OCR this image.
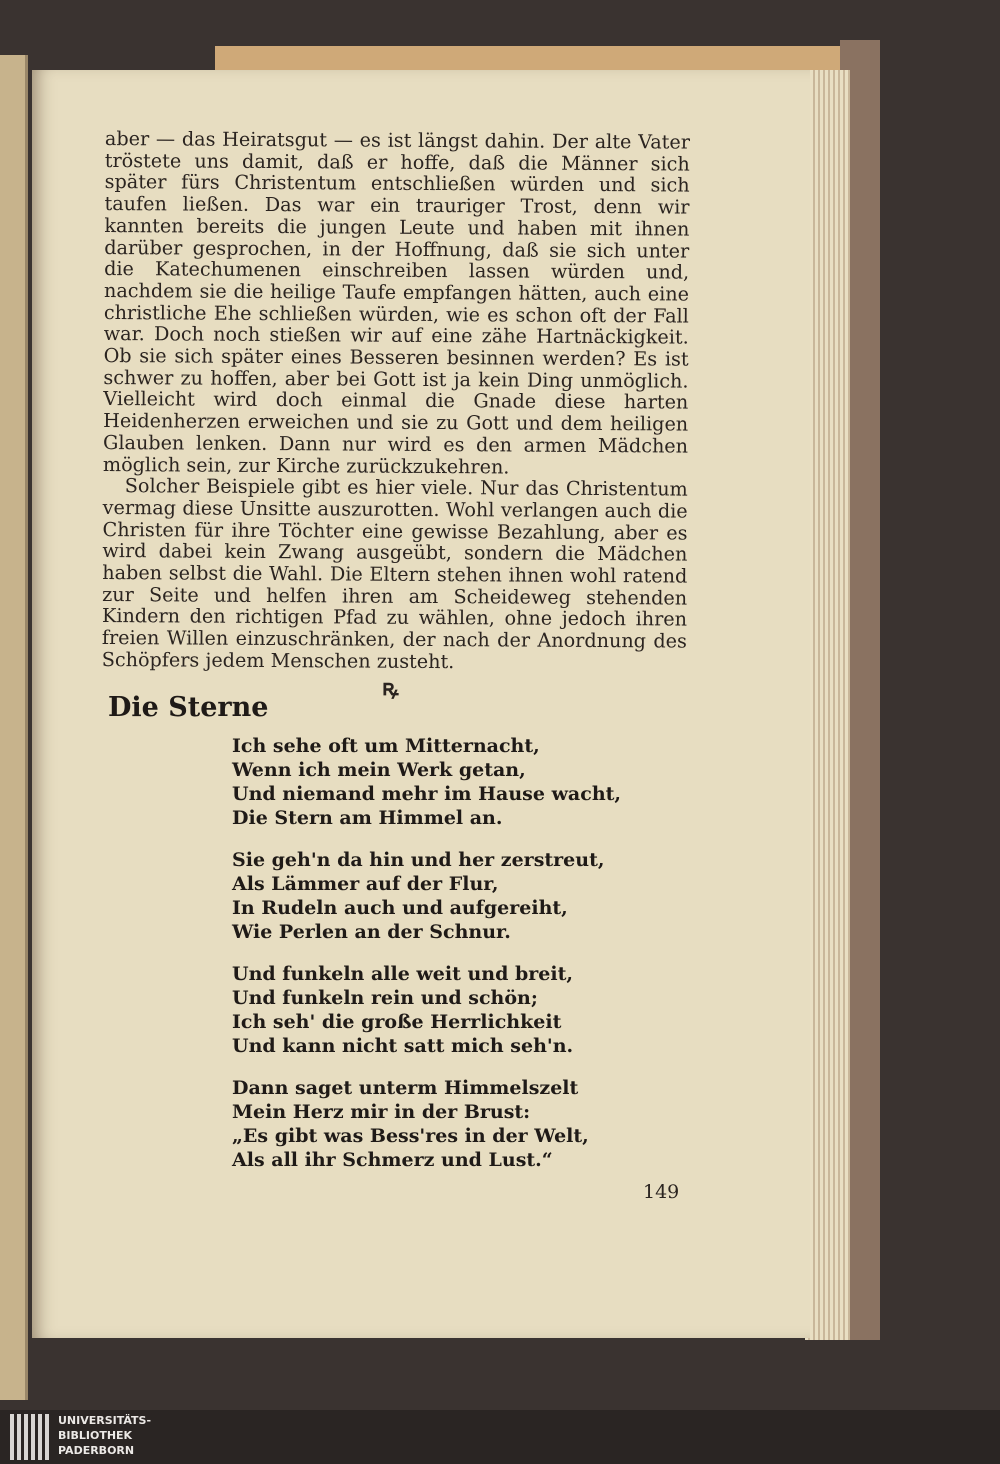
aber — das Heiratsgut — es ist längst dahin. Der alte Vater tröstete uns damit, daß er hoffe, daß die Männer sich später fürs Christentum entschließen würden und sich taufen ließen. Das war ein trauriger Trost, denn wir kannten bereits die jungen Leute und haben mit ihnen darüber gesprochen, in der Hoffnung, daß sie sich unter die Katechumenen einschreiben lassen würden und, nachdem sie die heilige Taufe empfangen hätten, auch eine christliche Ehe schließen würden, wie es schon oft der Fall war. Doch noch stießen wir auf eine zähe Hartnäckigkeit. Ob sie sich später eines Besseren besinnen werden? Es ist schwer zu hoffen, aber bei Gott ist ja kein Ding unmöglich. Vielleicht wird doch einmal die Gnade diese harten Heidenherzen erweichen und sie zu Gott und dem heiligen Glauben lenken. Dann nur wird es den armen Mädchen möglich sein, zur Kirche zurückzukehren.

Solcher Beispiele gibt es hier viele. Nur das Christentum vermag diese Unsitte auszurotten. Wohl verlangen auch die Christen für ihre Töchter eine gewisse Bezahlung, aber es wird dabei kein Zwang ausgeübt, sondern die Mädchen haben selbst die Wahl. Die Eltern stehen ihnen wohl ratend zur Seite und helfen ihren am Scheideweg stehenden Kindern den richtigen Pfad zu wählen, ohne jedoch ihren freien Willen einzuschränken, der nach der Anordnung des Schöpfers jedem Menschen zusteht.

ꝶ
Die Sterne
Ich sehe oft um Mitternacht,
Wenn ich mein Werk getan,
Und niemand mehr im Hause wacht,
Die Stern am Himmel an.
Sie geh'n da hin und her zerstreut,
Als Lämmer auf der Flur,
In Rudeln auch und aufgereiht,
Wie Perlen an der Schnur.
Und funkeln alle weit und breit,
Und funkeln rein und schön;
Ich seh' die große Herrlichkeit
Und kann nicht satt mich seh'n.
Dann saget unterm Himmelszelt
Mein Herz mir in der Brust:
„Es gibt was Bess'res in der Welt,
Als all ihr Schmerz und Lust.“
149
UNIVERSITÄTS-
BIBLIOTHEK
PADERBORN
